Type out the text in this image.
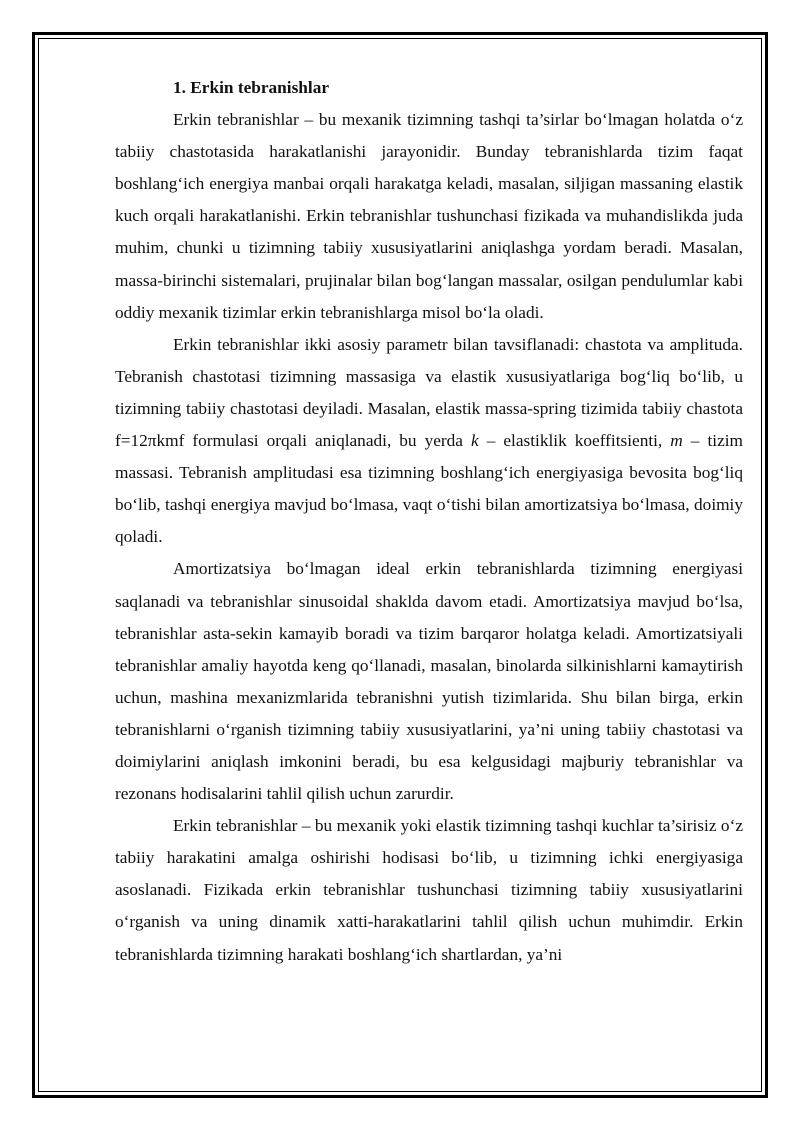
1. Erkin tebranishlar

Erkin tebranishlar – bu mexanik tizimning tashqi ta’sirlar bo‘lmagan holatda o‘z tabiiy chastotasida harakatlanishi jarayonidir. Bunday tebranishlarda tizim faqat boshlang‘ich energiya manbai orqali harakatga keladi, masalan, siljigan massaning elastik kuch orqali harakatlanishi. Erkin tebranishlar tushunchasi fizikada va muhandislikda juda muhim, chunki u tizimning tabiiy xususiyatlarini aniqlashga yordam beradi. Masalan, massa-birinchi sistemalari, prujinalar bilan bog‘langan massalar, osilgan pendulumlar kabi oddiy mexanik tizimlar erkin tebranishlarga misol bo‘la oladi.

Erkin tebranishlar ikki asosiy parametr bilan tavsiflanadi: chastota va amplituda. Tebranish chastotasi tizimning massasiga va elastik xususiyatlariga bog‘liq bo‘lib, u tizimning tabiiy chastotasi deyiladi. Masalan, elastik massa-spring tizimida tabiiy chastota f=12πkmf formulasi orqali aniqlanadi, bu yerda k – elastiklik koeffitsienti, m – tizim massasi. Tebranish amplitudasi esa tizimning boshlang‘ich energiyasiga bevosita bog‘liq bo‘lib, tashqi energiya mavjud bo‘lmasa, vaqt o‘tishi bilan amortizatsiya bo‘lmasa, doimiy qoladi.

Amortizatsiya bo‘lmagan ideal erkin tebranishlarda tizimning energiyasi saqlanadi va tebranishlar sinusoidal shaklda davom etadi. Amortizatsiya mavjud bo‘lsa, tebranishlar asta-sekin kamayib boradi va tizim barqaror holatga keladi. Amortizatsiyali tebranishlar amaliy hayotda keng qo‘llanadi, masalan, binolarda silkinishlarni kamaytirish uchun, mashina mexanizmlarida tebranishni yutish tizimlarida. Shu bilan birga, erkin tebranishlarni o‘rganish tizimning tabiiy xususiyatlarini, ya’ni uning tabiiy chastotasi va doimiylarini aniqlash imkonini beradi, bu esa kelgusidagi majburiy tebranishlar va rezonans hodisalarini tahlil qilish uchun zarurdir.

Erkin tebranishlar – bu mexanik yoki elastik tizimning tashqi kuchlar ta’sirisiz o‘z tabiiy harakatini amalga oshirishi hodisasi bo‘lib, u tizimning ichki energiyasiga asoslanadi. Fizikada erkin tebranishlar tushunchasi tizimning tabiiy xususiyatlarini o‘rganish va uning dinamik xatti-harakatlarini tahlil qilish uchun muhimdir. Erkin tebranishlarda tizimning harakati boshlang‘ich shartlardan, ya’ni
